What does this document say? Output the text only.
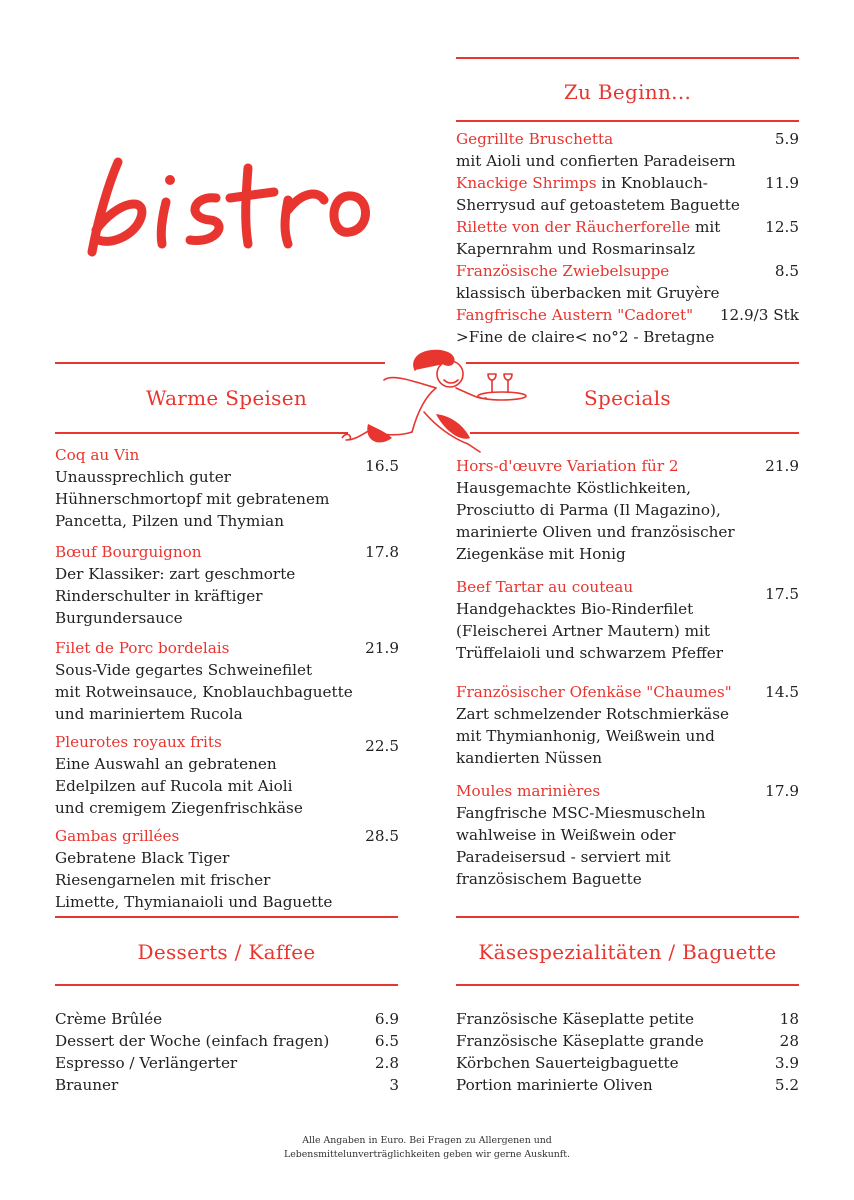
Zu Beginn...
Gegrillte Bruschetta
mit Aioli und confierten Paradeisern
5.9
Knackige Shrimps in Knoblauch-
Sherrysud auf getoastetem Baguette
11.9
Rilette von der Räucherforelle mit
Kapernrahm und Rosmarinsalz
12.5
Französische Zwiebelsuppe
klassisch überbacken mit Gruyère
8.5
Fangfrische Austern "Cadoret"
>Fine de claire< no°2 - Bretagne
12.9/3 Stk
Warme Speisen	Specials
Coq au Vin
Unaussprechlich guter
Hühnerschmortopf mit gebratenem
Pancetta, Pilzen und Thymian
16.5
Bœuf Bourguignon
Der Klassiker: zart geschmorte
Rinderschulter in kräftiger
Burgundersauce
17.8
Filet de Porc bordelais
Sous-Vide gegartes Schweinefilet
mit Rotweinsauce, Knoblauchbaguette
und mariniertem Rucola
21.9
Pleurotes royaux frits
Eine Auswahl an gebratenen
Edelpilzen auf Rucola mit Aioli
und cremigem Ziegenfrischkäse
22.5
Gambas grillées
Gebratene Black Tiger
Riesengarnelen mit frischer
Limette, Thymianaioli und Baguette
28.5
Hors-d'œuvre Variation für 2
Hausgemachte Köstlichkeiten,
Prosciutto di Parma (Il Magazino),
marinierte Oliven und französischer
Ziegenkäse mit Honig
21.9
Beef Tartar au couteau
Handgehacktes Bio-Rinderfilet
(Fleischerei Artner Mautern) mit
Trüffelaioli und schwarzem Pfeffer
17.5
Französischer Ofenkäse "Chaumes"
Zart schmelzender Rotschmierkäse
mit Thymianhonig, Weißwein und
kandierten Nüssen
14.5
Moules marinières
Fangfrische MSC-Miesmuscheln
wahlweise in Weißwein oder
Paradeisersud - serviert mit
französischem Baguette
17.9
Desserts / Kaffee	Käsespezialitäten / Baguette
Crème Brûlée	6.9
Dessert der Woche (einfach fragen)	6.5
Espresso / Verlängerter	2.8
Brauner	3
Französische Käseplatte petite	18
Französische Käseplatte grande	28
Körbchen Sauerteigbaguette	3.9
Portion marinierte Oliven	5.2
Alle Angaben in Euro. Bei Fragen zu Allergenen und
Lebensmittelunverträglichkeiten geben wir gerne Auskunft.
